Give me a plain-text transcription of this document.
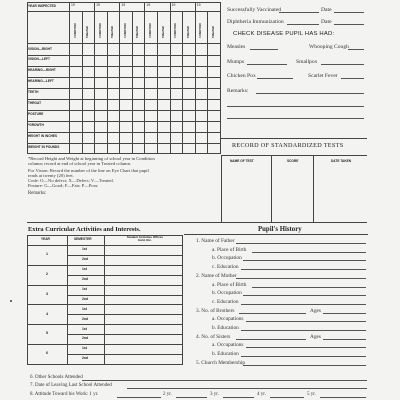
YEAR INSPECTED	19	19	19	19	19	19
CONDITION	TREATED	CONDITION	TREATED	CONDITION	TREATED	CONDITION	TREATED	CONDITION	TREATED	CONDITION	TREATED
VISION—RIGHT
VISION—LEFT
HEARING—RIGHT
HEARING—LEFT
TEETH
THROAT
POSTURE
*GROWTH
HEIGHT IN INCHES
WEIGHT IN POUNDS
*Record Height and Weight at beginning of school year in Condition
column; record at end of school year in Treated column.
For Vision: Record the number of the line on Eye Chart that pupil
reads at twenty (20) feet.
Code: O—No defect; X—Defect; V—Treated.
Posture: G—Good; F—Fair; P—Poor.
Remarks:
Successfully Vaccinated	Date
Diphtheria Immunization	Date
CHECK DISEASE PUPIL HAS HAD:
Measles	Whooping Cough
Mumps	Smallpox
Chicken Pox	Scarlet Fever
Remarks:
RECORD OF STANDARDIZED TESTS
NAME OF TEST	SCORE	DATE TAKEN
Extra Curricular Activities and Interests.
YEAR	SEMESTER	Student Activities Offices Held, Etc.
1
1st
2nd
2
1st
2nd
3
1st
2nd
4
1st
2nd
5
1st
2nd
6
1st
2nd
Pupil's History
1. Name of Father
a. Place of Birth
b. Occupation
c. Education
2. Name of Mother
a. Place of Birth
b. Occupation
c. Education
3. No. of Brothers	Ages
a. Occupations
b. Education
4. No. of Sisters	Ages
a. Occupations
b. Education
5. Church Membership
6. Other Schools Attended
7. Date of Leaving Last School Attended
8. Attitude Toward his Work: 1 yr.	2 yr.	3 yr.	4 yr.	5 yr.
